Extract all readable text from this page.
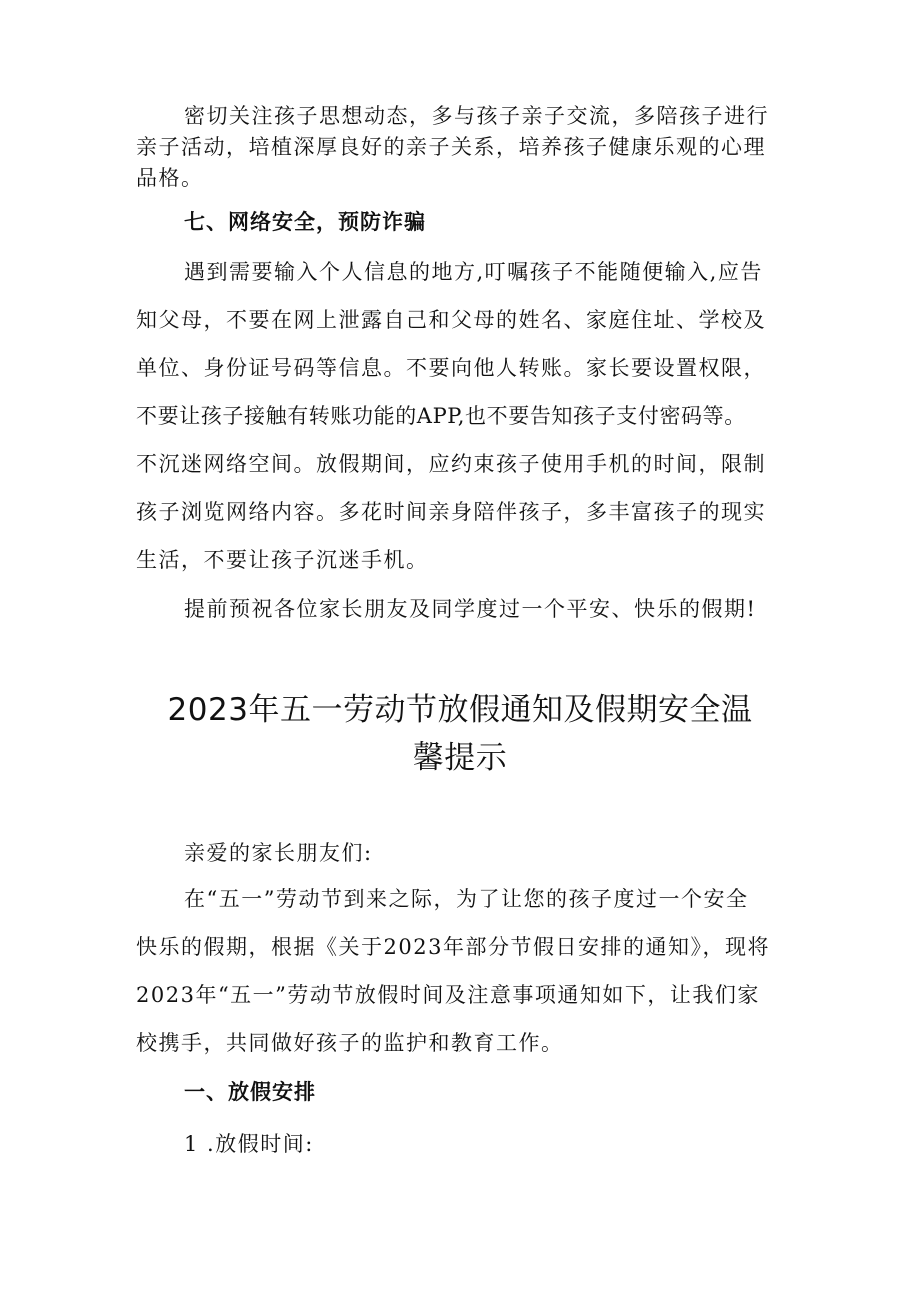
密切关注孩子思想动态，多与孩子亲子交流，多陪孩子进行
亲子活动，培植深厚良好的亲子关系，培养孩子健康乐观的心理
品格。
七、网络安全，预防诈骗
遇到需要输入个人信息的地方,叮嘱孩子不能随便输入,应告
知父母，不要在网上泄露自己和父母的姓名、家庭住址、学校及
单位、身份证号码等信息。不要向他人转账。家长要设置权限，
不要让孩子接触有转账功能的APP,也不要告知孩子支付密码等。
不沉迷网络空间。放假期间，应约束孩子使用手机的时间，限制
孩子浏览网络内容。多花时间亲身陪伴孩子，多丰富孩子的现实
生活，不要让孩子沉迷手机。
提前预祝各位家长朋友及同学度过一个平安、快乐的假期!
2023年五一劳动节放假通知及假期安全温
馨提示
亲爱的家长朋友们:
在“五一”劳动节到来之际，为了让您的孩子度过一个安全
快乐的假期，根据《关于2023年部分节假日安排的通知》，现将
2023年“五一”劳动节放假时间及注意事项通知如下，让我们家
校携手，共同做好孩子的监护和教育工作。
一、放假安排
1 .放假时间:
